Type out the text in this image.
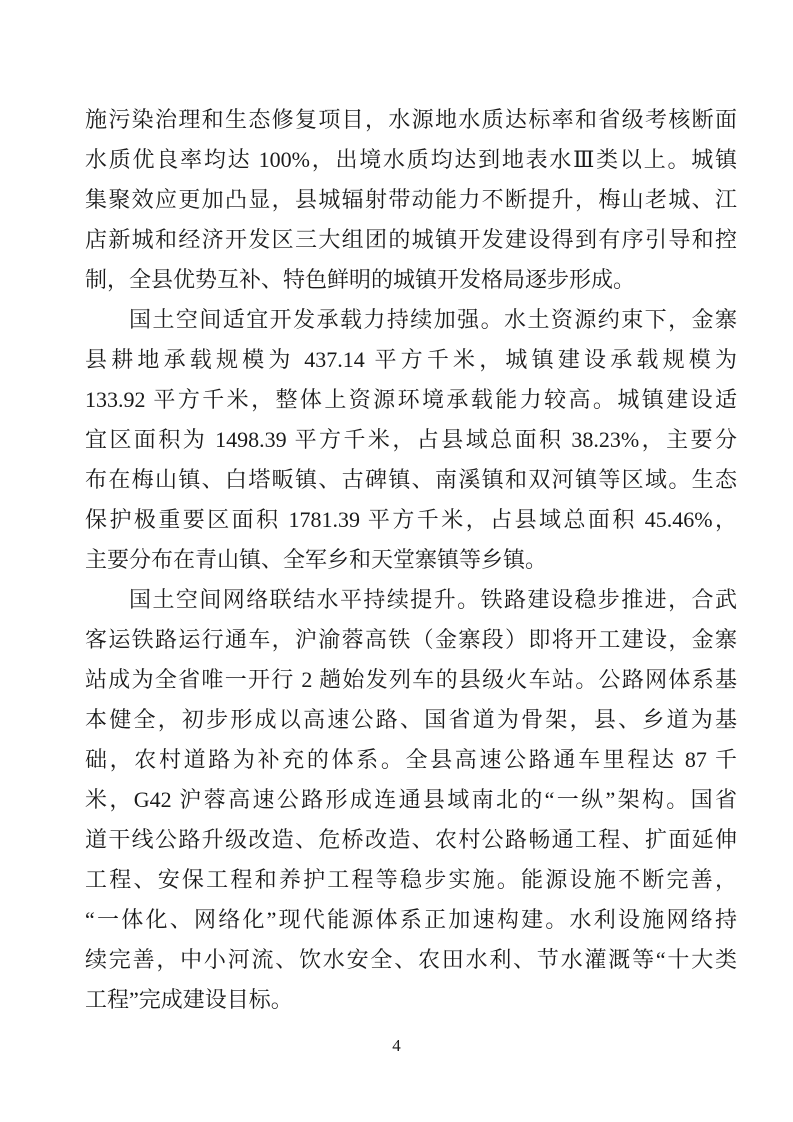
施污染治理和生态修复项目，水源地水质达标率和省级考核断面
水质优良率均达 100%，出境水质均达到地表水Ⅲ类以上。城镇
集聚效应更加凸显，县城辐射带动能力不断提升，梅山老城、江
店新城和经济开发区三大组团的城镇开发建设得到有序引导和控
制，全县优势互补、特色鲜明的城镇开发格局逐步形成。
国土空间适宜开发承载力持续加强。水土资源约束下，金寨
县耕地承载规模为 437.14 平方千米，城镇建设承载规模为
133.92 平方千米，整体上资源环境承载能力较高。城镇建设适
宜区面积为 1498.39 平方千米，占县域总面积 38.23%，主要分
布在梅山镇、白塔畈镇、古碑镇、南溪镇和双河镇等区域。生态
保护极重要区面积 1781.39 平方千米，占县域总面积 45.46%，
主要分布在青山镇、全军乡和天堂寨镇等乡镇。
国土空间网络联结水平持续提升。铁路建设稳步推进，合武
客运铁路运行通车，沪渝蓉高铁（金寨段）即将开工建设，金寨
站成为全省唯一开行 2 趟始发列车的县级火车站。公路网体系基
本健全，初步形成以高速公路、国省道为骨架，县、乡道为基
础，农村道路为补充的体系。全县高速公路通车里程达 87 千
米，G42 沪蓉高速公路形成连通县域南北的“一纵”架构。国省
道干线公路升级改造、危桥改造、农村公路畅通工程、扩面延伸
工程、安保工程和养护工程等稳步实施。能源设施不断完善，
“一体化、网络化”现代能源体系正加速构建。水利设施网络持
续完善，中小河流、饮水安全、农田水利、节水灌溉等“十大类
工程”完成建设目标。
4
